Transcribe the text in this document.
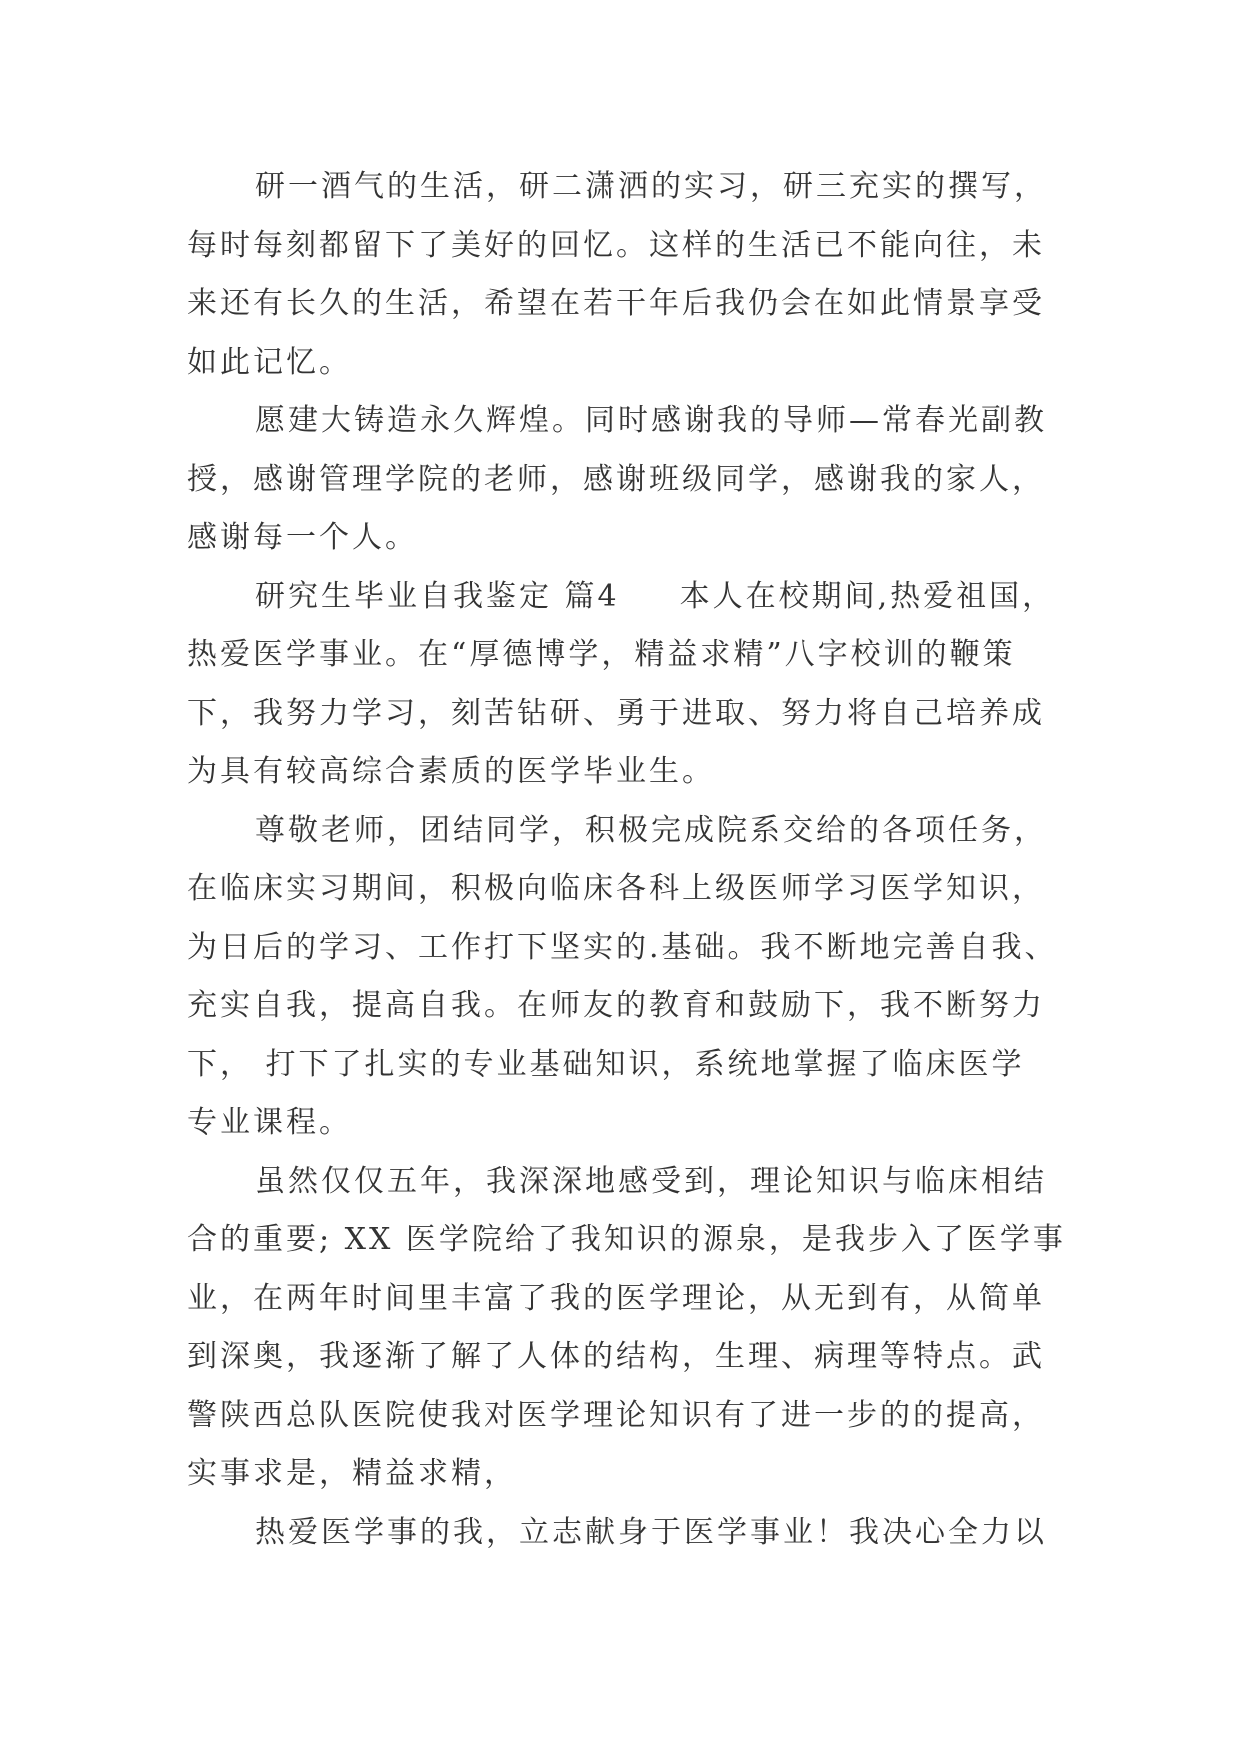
研一酒气的生活，研二潇洒的实习，研三充实的撰写，
每时每刻都留下了美好的回忆。这样的生活已不能向往，未
来还有长久的生活，希望在若干年后我仍会在如此情景享受
如此记忆。
愿建大铸造永久辉煌。同时感谢我的导师—常春光副教
授，感谢管理学院的老师，感谢班级同学，感谢我的家人，
感谢每一个人。
研究生毕业自我鉴定 篇4 本人在校期间,热爱祖国，
热爱医学事业。在“厚德博学，精益求精”八字校训的鞭策
下，我努力学习，刻苦钻研、勇于进取、努力将自己培养成
为具有较高综合素质的医学毕业生。
尊敬老师，团结同学，积极完成院系交给的各项任务，
在临床实习期间，积极向临床各科上级医师学习医学知识，
为日后的学习、工作打下坚实的.基础。我不断地完善自我、
充实自我，提高自我。在师友的教育和鼓励下，我不断努力
下， 打下了扎实的专业基础知识，系统地掌握了临床医学
专业课程。
虽然仅仅五年，我深深地感受到，理论知识与临床相结
合的重要; XX 医学院给了我知识的源泉，是我步入了医学事
业，在两年时间里丰富了我的医学理论，从无到有，从简单
到深奥，我逐渐了解了人体的结构，生理、病理等特点。武
警陕西总队医院使我对医学理论知识有了进一步的的提高，
实事求是，精益求精，
热爱医学事的我，立志献身于医学事业！我决心全力以
